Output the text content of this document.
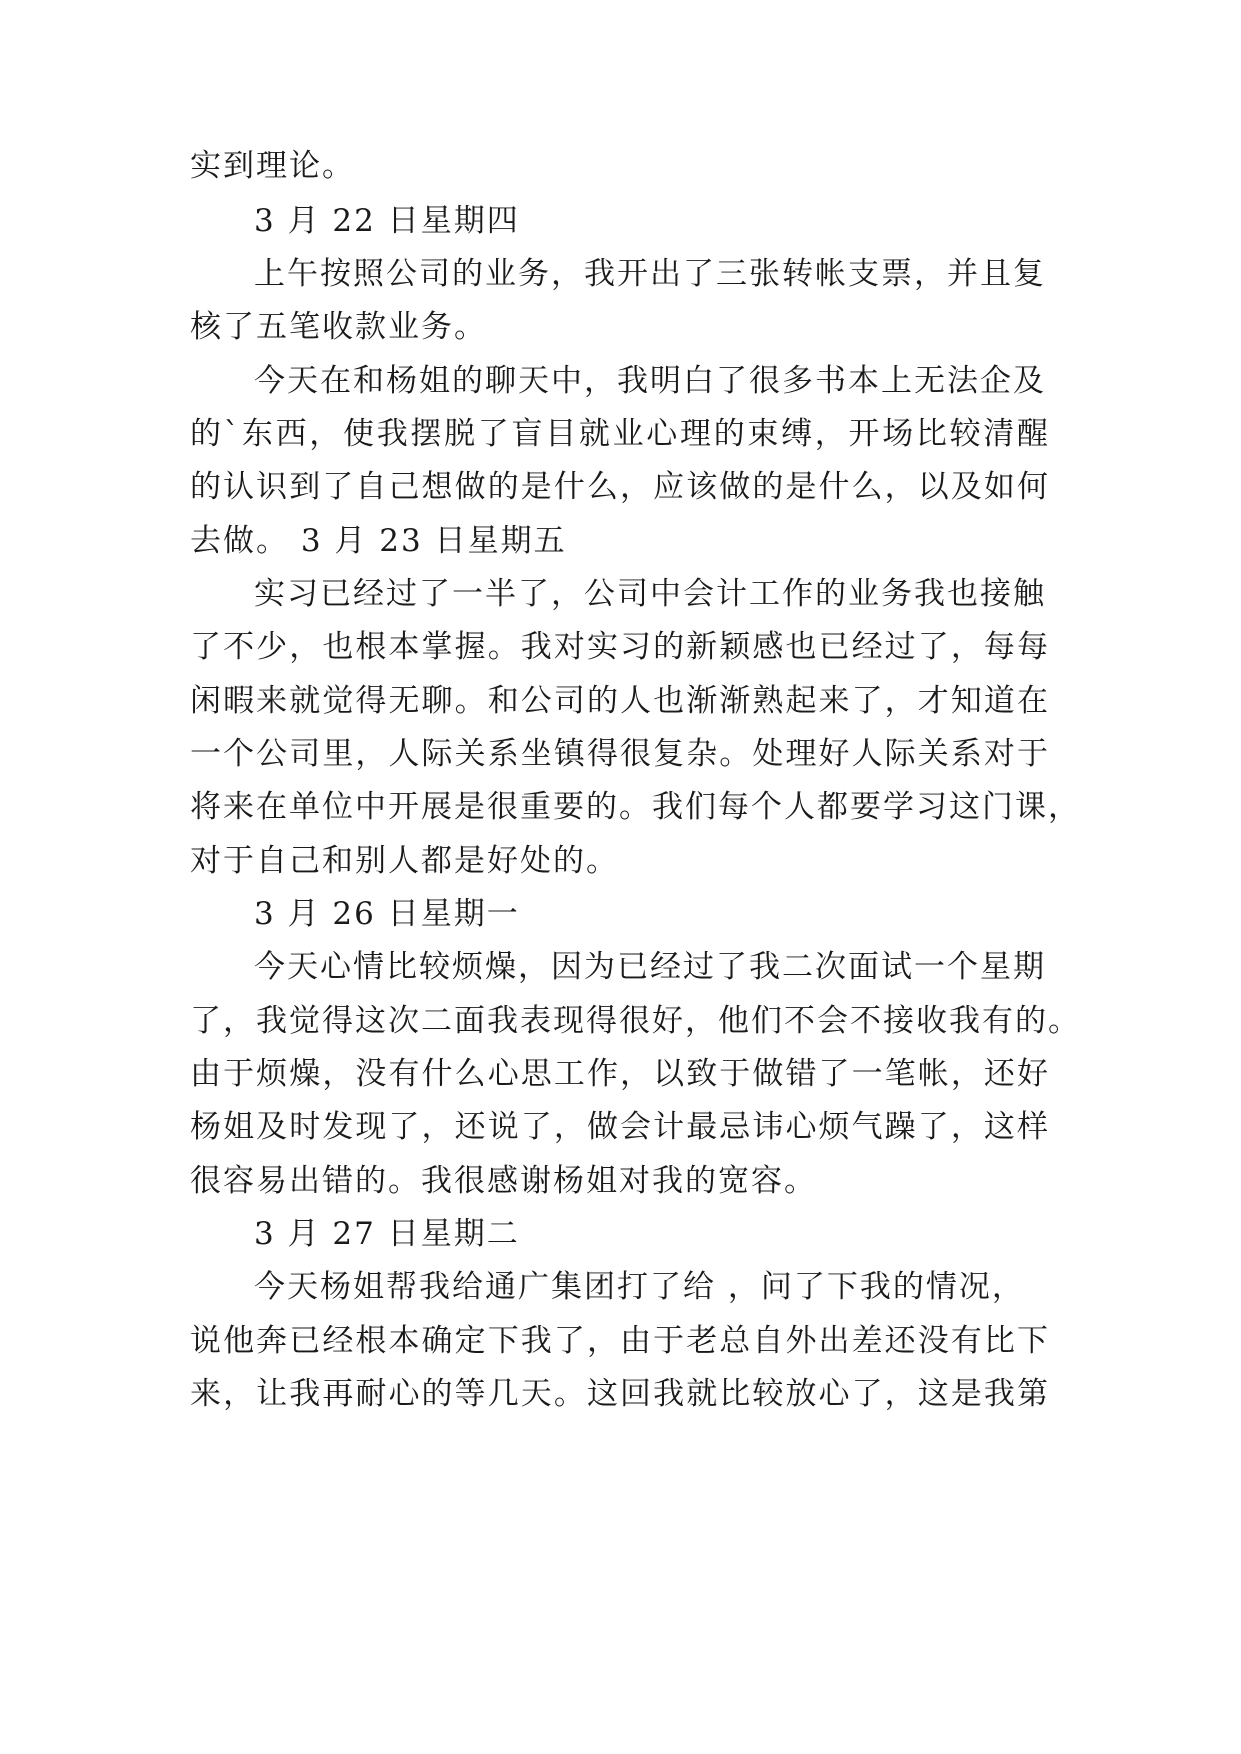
实到理论。
3 月 22 日星期四
上午按照公司的业务，我开出了三张转帐支票，并且复
核了五笔收款业务。
今天在和杨姐的聊天中，我明白了很多书本上无法企及
的`东西，使我摆脱了盲目就业心理的束缚，开场比较清醒
的认识到了自己想做的是什么，应该做的是什么，以及如何
去做。 3 月 23 日星期五
实习已经过了一半了，公司中会计工作的业务我也接触
了不少，也根本掌握。我对实习的新颖感也已经过了，每每
闲暇来就觉得无聊。和公司的人也渐渐熟起来了，才知道在
一个公司里，人际关系坐镇得很复杂。处理好人际关系对于
将来在单位中开展是很重要的。我们每个人都要学习这门课，
对于自己和别人都是好处的。
3 月 26 日星期一
今天心情比较烦燥，因为已经过了我二次面试一个星期
了，我觉得这次二面我表现得很好，他们不会不接收我有的。
由于烦燥，没有什么心思工作，以致于做错了一笔帐，还好
杨姐及时发现了，还说了，做会计最忌讳心烦气躁了，这样
很容易出错的。我很感谢杨姐对我的宽容。
3 月 27 日星期二
今天杨姐帮我给通广集团打了给 ，问了下我的情况，
说他奔已经根本确定下我了，由于老总自外出差还没有比下
来，让我再耐心的等几天。这回我就比较放心了，这是我第
